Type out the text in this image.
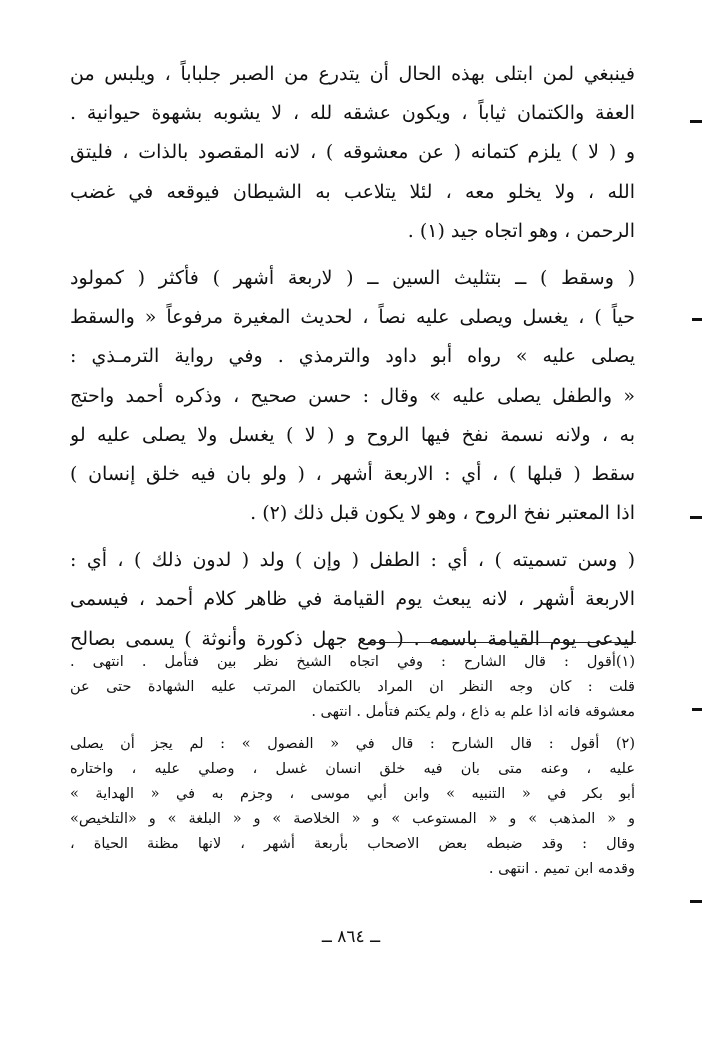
فينبغي لمن ابتلى بهذه الحال أن يتدرع من الصبر جلباباً ، ويلبس من
العفة والكتمان ثياباً ، ويكون عشقه لله ، لا يشوبه بشهوة حيوانية .
و ( لا ) يلزم كتمانه ( عن معشوقه ) ، لانه المقصود بالذات ، فليتق
الله ، ولا يخلو معه ، لئلا يتلاعب به الشيطان فيوقعه في غضب
الرحمن ، وهو اتجاه جيد (١) .
( وسقط ) ــ بتثليث السين ــ ( لاربعة أشهر ) فأكثر ( كمولود
حياً ) ، يغسل ويصلى عليه نصاً ، لحديث المغيرة مرفوعاً « والسقط
يصلى عليه » رواه أبو داود والترمذي . وفي رواية الترمـذي :
« والطفل يصلى عليه » وقال : حسن صحيح ، وذكره أحمد واحتج
به ، ولانه نسمة نفخ فيها الروح و ( لا ) يغسل ولا يصلى عليه لو
سقط ( قبلها ) ، أي : الاربعة أشهر ، ( ولو بان فيه خلق إنسان )
اذا المعتبر نفخ الروح ، وهو لا يكون قبل ذلك (٢) .
( وسن تسميته ) ، أي : الطفل ( وإن ) ولد ( لدون ذلك ) ، أي :
الاربعة أشهر ، لانه يبعث يوم القيامة في ظاهر كلام أحمد ، فيسمى
ليدعى يوم القيامة باسمه . ( ومع جهل ذكورة وأنوثة ) يسمى بصالح
(١)أقول : قال الشارح : وفي اتجاه الشيخ نظر بين فتأمل . انتهى .
قلت : كان وجه النظر ان المراد بالكتمان المرتب عليه الشهادة حتى عن
معشوقه فانه اذا علم به ذاع ، ولم يكتم فتأمل . انتهى .
(٢) أقول : قال الشارح : قال في « الفصول » : لم يجز أن يصلى
عليه ، وعنه متى بان فيه خلق انسان غسل ، وصلي عليه ، واختاره
أبو بكر في « التنبيه » وابن أبي موسى ، وجزم به في « الهداية »
و « المذهب » و « المستوعب » و « الخلاصة » و « البلغة » و «التلخيص»
وقال : وقد ضبطه بعض الاصحاب بأربعة أشهر ، لانها مظنة الحياة ،
وقدمه ابن تميم . انتهى .
ــ ٨٦٤ ــ
